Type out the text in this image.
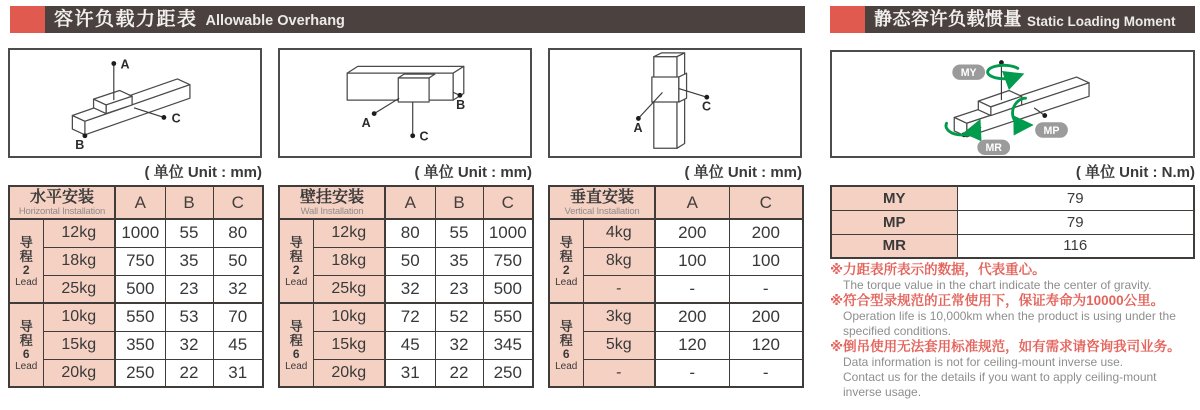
容许负载力距表 Allowable Overhang	静态容许负载惯量 Static Loading Moment
A
B
C	A
B
C
A
C
MY
MP
MR
( 单位 Unit : mm)	( 单位 Unit : mm)	( 单位 Unit : mm)	( 单位 Unit : N.m)
水平安装
Horizontal Installation		A	B	C

导程
2
Lead	12kg	1000	55	80
	18kg	750	35	50
	25kg	500	23	32

导程
6
Lead	10kg	550	53	70
	15kg	350	32	45
	20kg	250	22	31
壁挂安装
Wall Installation		A	B	C

导程
2
Lead	12kg	80	55	1000
	18kg	50	35	750
	25kg	32	23	500

导程
6
Lead	10kg	72	52	550
	15kg	45	32	345
	20kg	31	22	250
垂直安装
Vertical Installation		A	C

导程
2
Lead	4kg	200	200
	8kg	100	100
	-	-	-

导程
6
Lead	3kg	200	200
	5kg	120	120
	-	-	-
MY	79
MP	79
MR	116
※力距表所表示的数据，代表重心。
The torque value in the chart indicate the center of gravity.
※符合型录规范的正常使用下，保证寿命为10000公里。
Operation life is 10,000km when the product is using under the specified conditions.
※倒吊使用无法套用标准规范，如有需求请咨询我司业务。
Data information is not for ceiling-mount inverse use.
Contact us for the details if you want to apply ceiling-mount inverse usage.
